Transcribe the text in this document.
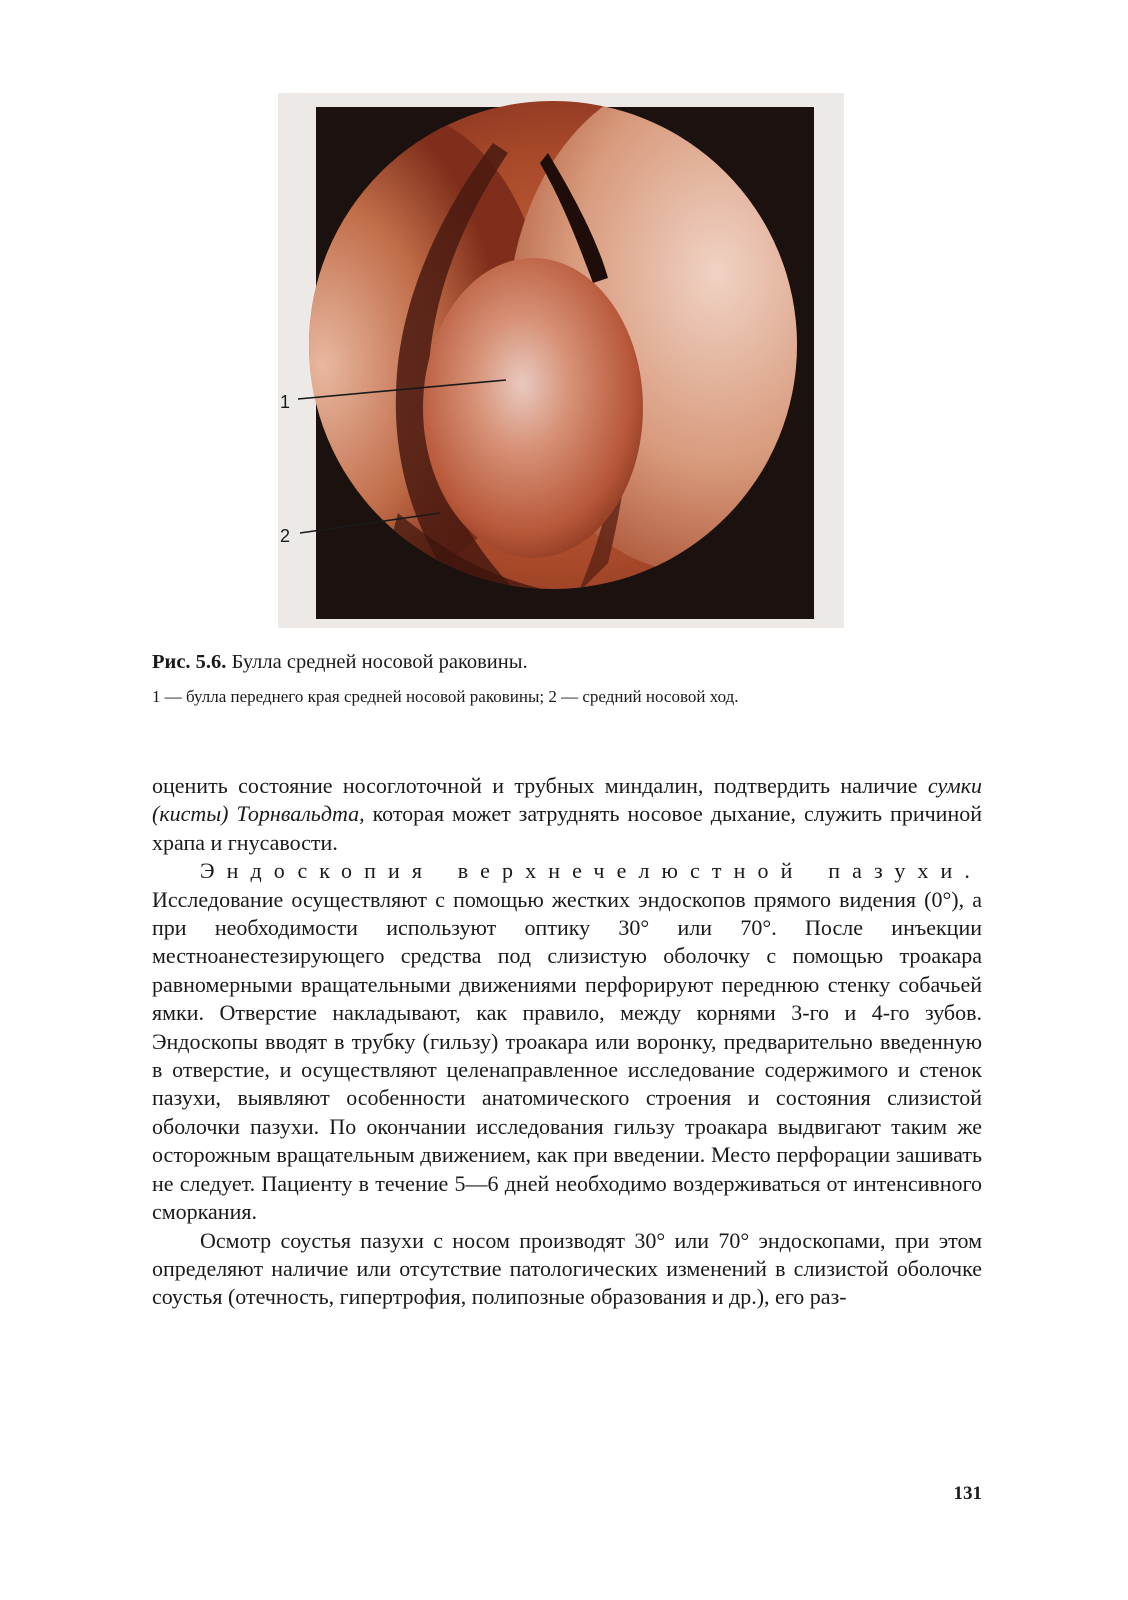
1
2

Рис. 5.6. Булла средней носовой раковины.

1 — булла переднего края средней носовой раковины; 2 — средний носовой ход.

оценить состояние носоглоточной и трубных миндалин, подтвердить наличие сумки (кисты) Торнвальдта, которая может затруднять носовое дыхание, служить причиной храпа и гнусавости.

Эндоскопия верхнечелюстной пазухи. Исследование осуществляют с помощью жестких эндоскопов прямого видения (0°), а при необходимости используют оптику 30° или 70°. После инъекции местноанестезирующего средства под слизистую оболочку с помощью троакара равномерными вращательными движениями перфорируют переднюю стенку собачьей ямки. Отверстие накладывают, как правило, между корнями 3-го и 4-го зубов. Эндоскопы вводят в трубку (гильзу) троакара или воронку, предварительно введенную в отверстие, и осуществляют целенаправленное исследование содержимого и стенок пазухи, выявляют особенности анатомического строения и состояния слизистой оболочки пазухи. По окончании исследования гильзу троакара выдвигают таким же осторожным вращательным движением, как при введении. Место перфорации зашивать не следует. Пациенту в течение 5—6 дней необходимо воздерживаться от интенсивного сморкания.

Осмотр соустья пазухи с носом производят 30° или 70° эндоскопами, при этом определяют наличие или отсутствие патологических изменений в слизистой оболочке соустья (отечность, гипертрофия, полипозные образования и др.), его раз-

131
